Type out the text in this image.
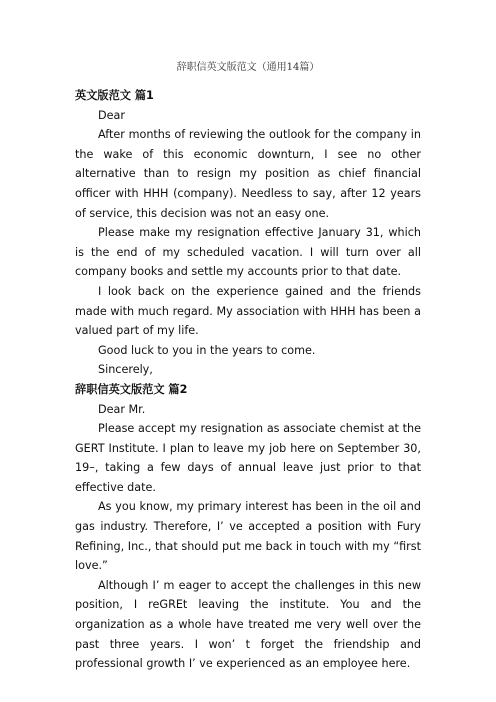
辞职信英文版范文（通用14篇）

英文版范文 篇1

Dear

After months of reviewing the outlook for the company in the wake of this economic downturn, I see no other alternative than to resign my position as chief financial officer with HHH (company). Needless to say, after 12 years of service, this decision was not an easy one.

Please make my resignation effective January 31, which is the end of my scheduled vacation. I will turn over all company books and settle my accounts prior to that date.

I look back on the experience gained and the friends made with much regard. My association with HHH has been a valued part of my life.

Good luck to you in the years to come.

Sincerely,

辞职信英文版范文 篇2

Dear Mr.

Please accept my resignation as associate chemist at the GERT Institute. I plan to leave my job here on September 30, 19–, taking a few days of annual leave just prior to that effective date.

As you know, my primary interest has been in the oil and gas industry. Therefore, I’ ve accepted a position with Fury Refining, Inc., that should put me back in touch with my “first love.”

Although I’ m eager to accept the challenges in this new position, I reGREt leaving the institute. You and the organization as a whole have treated me very well over the past three years. I won’ t forget the friendship and professional growth I’ ve experienced as an employee here.
